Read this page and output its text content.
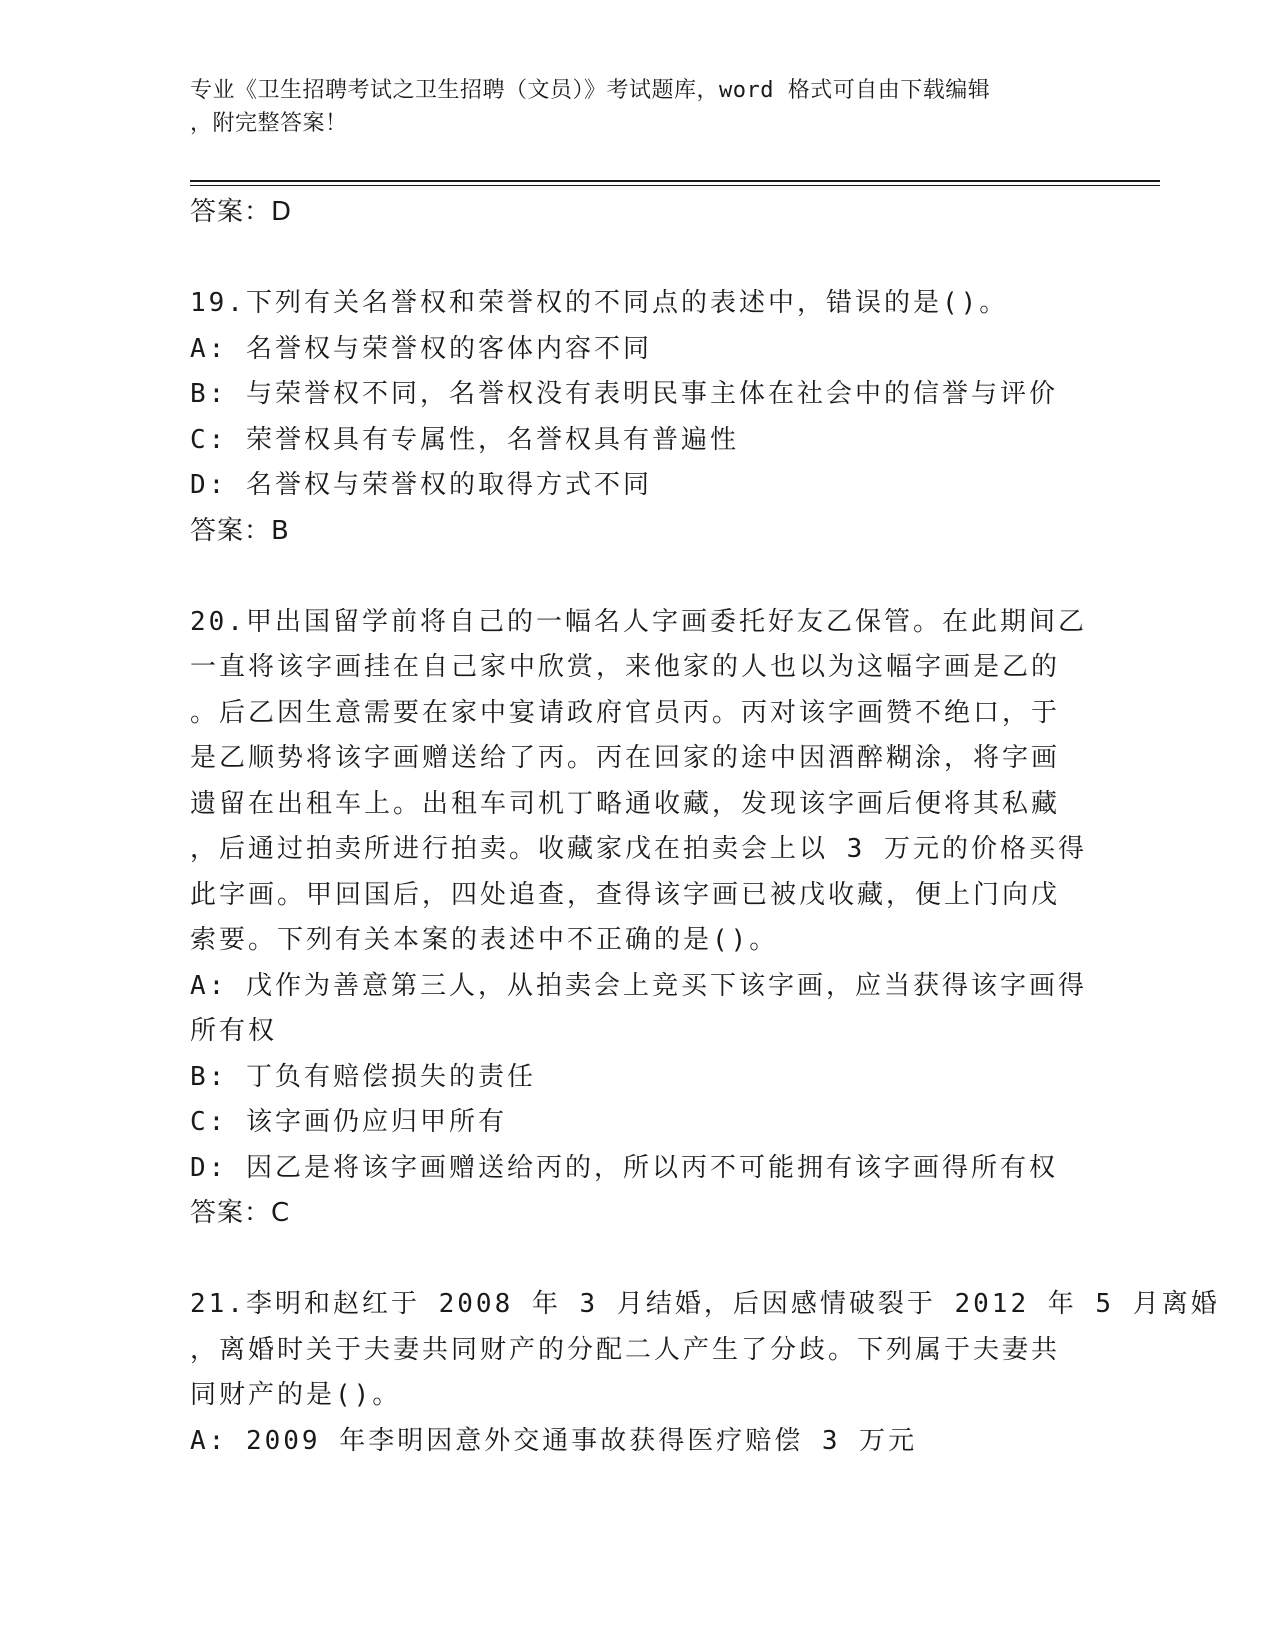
专业《卫生招聘考试之卫生招聘（文员）》考试题库，word 格式可自由下载编辑
，附完整答案！
答案：D
19.下列有关名誉权和荣誉权的不同点的表述中，错误的是()。
A: 名誉权与荣誉权的客体内容不同
B: 与荣誉权不同，名誉权没有表明民事主体在社会中的信誉与评价
C: 荣誉权具有专属性，名誉权具有普遍性
D: 名誉权与荣誉权的取得方式不同
答案：B
20.甲出国留学前将自己的一幅名人字画委托好友乙保管。在此期间乙
一直将该字画挂在自己家中欣赏，来他家的人也以为这幅字画是乙的
。后乙因生意需要在家中宴请政府官员丙。丙对该字画赞不绝口，于
是乙顺势将该字画赠送给了丙。丙在回家的途中因酒醉糊涂，将字画
遗留在出租车上。出租车司机丁略通收藏，发现该字画后便将其私藏
，后通过拍卖所进行拍卖。收藏家戊在拍卖会上以 3 万元的价格买得
此字画。甲回国后，四处追查，查得该字画已被戊收藏，便上门向戊
索要。下列有关本案的表述中不正确的是()。
A: 戊作为善意第三人，从拍卖会上竞买下该字画，应当获得该字画得
所有权
B: 丁负有赔偿损失的责任
C: 该字画仍应归甲所有
D: 因乙是将该字画赠送给丙的，所以丙不可能拥有该字画得所有权
答案：C
21.李明和赵红于 2008 年 3 月结婚，后因感情破裂于 2012 年 5 月离婚
，离婚时关于夫妻共同财产的分配二人产生了分歧。下列属于夫妻共
同财产的是()。
A: 2009 年李明因意外交通事故获得医疗赔偿 3 万元
